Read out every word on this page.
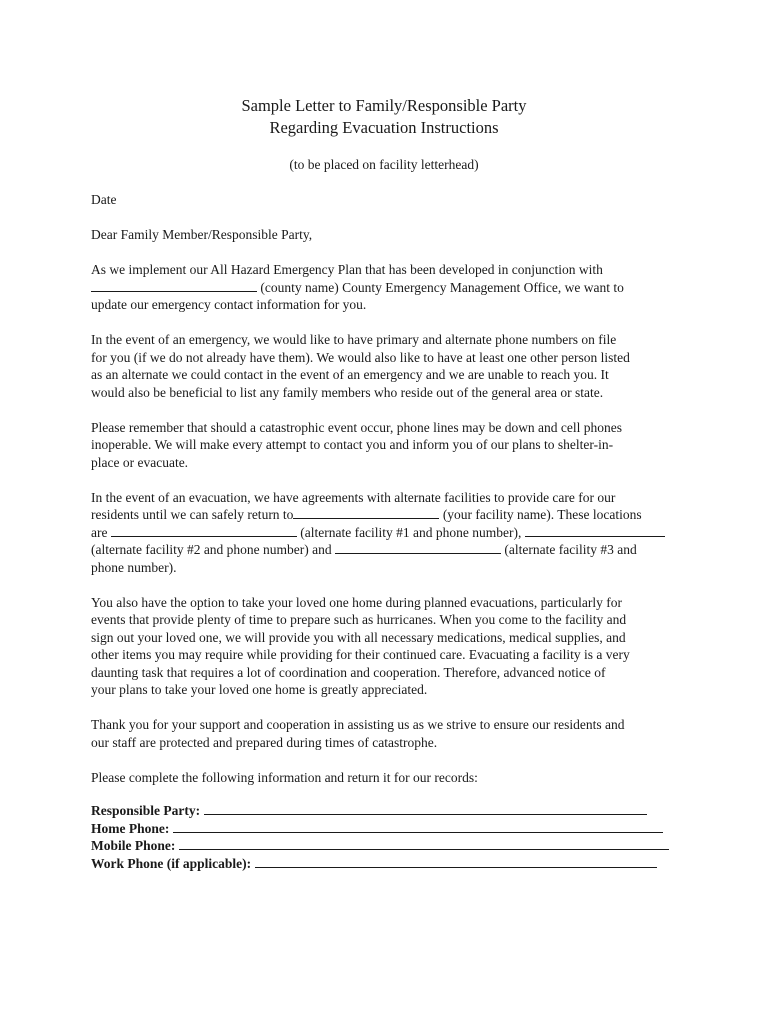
Sample Letter to Family/Responsible Party
Regarding Evacuation Instructions
(to be placed on facility letterhead)

Date

Dear Family Member/Responsible Party,

As we implement our All Hazard Emergency Plan that has been developed in conjunction with
(county name) County Emergency Management Office, we want to
update our emergency contact information for you.

In the event of an emergency, we would like to have primary and alternate phone numbers on file
for you (if we do not already have them). We would also like to have at least one other person listed
as an alternate we could contact in the event of an emergency and we are unable to reach you. It
would also be beneficial to list any family members who reside out of the general area or state.

Please remember that should a catastrophic event occur, phone lines may be down and cell phones
inoperable. We will make every attempt to contact you and inform you of our plans to shelter-in-
place or evacuate.

In the event of an evacuation, we have agreements with alternate facilities to provide care for our
residents until we can safely return to	(your facility name). These locations
are	(alternate facility #1 and phone number),
(alternate facility #2 and phone number) and	(alternate facility #3 and
phone number).

You also have the option to take your loved one home during planned evacuations, particularly for
events that provide plenty of time to prepare such as hurricanes. When you come to the facility and
sign out your loved one, we will provide you with all necessary medications, medical supplies, and
other items you may require while providing for their continued care. Evacuating a facility is a very
daunting task that requires a lot of coordination and cooperation. Therefore, advanced notice of
your plans to take your loved one home is greatly appreciated.

Thank you for your support and cooperation in assisting us as we strive to ensure our residents and
our staff are protected and prepared during times of catastrophe.

Please complete the following information and return it for our records:

Responsible Party:
Home Phone:
Mobile Phone:
Work Phone (if applicable):
